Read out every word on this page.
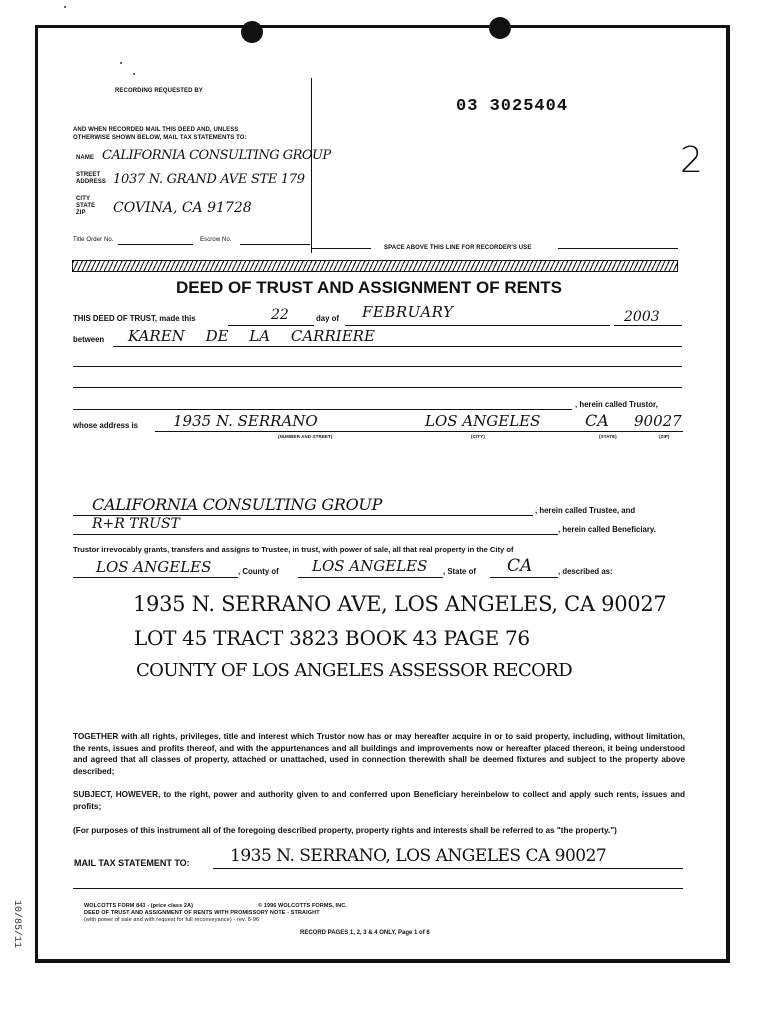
RECORDING REQUESTED BY
03 3025404
2
AND WHEN RECORDED MAIL THIS DEED AND, UNLESS
OTHERWISE SHOWN BELOW, MAIL TAX STATEMENTS TO:
NAME CALIFORNIA CONSULTING GROUP
STREET ADDRESS 1037 N. GRAND AVE STE 179
CITY STATE ZIP	COVINA, CA 91728
Title Order No.	Escrow No.
SPACE ABOVE THIS LINE FOR RECORDER'S USE
DEED OF TRUST AND ASSIGNMENT OF RENTS
THIS DEED OF TRUST, made this	22	day of FEBRUARY	2003
between KAREN DE LA CARRIERE
, herein called Trustor,
whose address is 1935 N. SERRANO	LOS ANGELES	CA 90027
(NUMBER AND STREET)	(CITY)	(STATE)	(ZIP)
CALIFORNIA CONSULTING GROUP	, herein called Trustee, and
R+R TRUST	, herein called Beneficiary.
Trustor irrevocably grants, transfers and assigns to Trustee, in trust, with power of sale, all that real property in the City of
LOS ANGELES	, County of LOS ANGELES , State of CA	, described as:
1935 N. SERRANO AVE, LOS ANGELES, CA 90027
LOT 45 TRACT 3823 BOOK 43 PAGE 76
COUNTY OF LOS ANGELES ASSESSOR RECORD
TOGETHER with all rights, privileges, title and interest which Trustor now has or may hereafter acquire in or to said property, including, without limitation, the rents, issues and profits thereof, and with the appurtenances and all buildings and improvements now or hereafter placed thereon, it being understood and agreed that all classes of property, attached or unattached, used in connection therewith shall be deemed fixtures and subject to the property above described;
SUBJECT, HOWEVER, to the right, power and authority given to and conferred upon Beneficiary hereinbelow to collect and apply such rents, issues and profits;
(For purposes of this instrument all of the foregoing described property, property rights and interests shall be referred to as "the property.")
MAIL TAX STATEMENT TO: 1935 N. SERRANO, LOS ANGELES CA 90027
WOLCOTTS FORM 843 - (price class 2A)	© 1996 WOLCOTTS FORMS, INC.
DEED OF TRUST AND ASSIGNMENT OF RENTS WITH PROMISSORY NOTE - STRAIGHT
(with power of sale and with request for full reconveyance) - rev. 8-96
RECORD PAGES 1, 2, 3 & 4 ONLY, Page 1 of 6
10/85/11
